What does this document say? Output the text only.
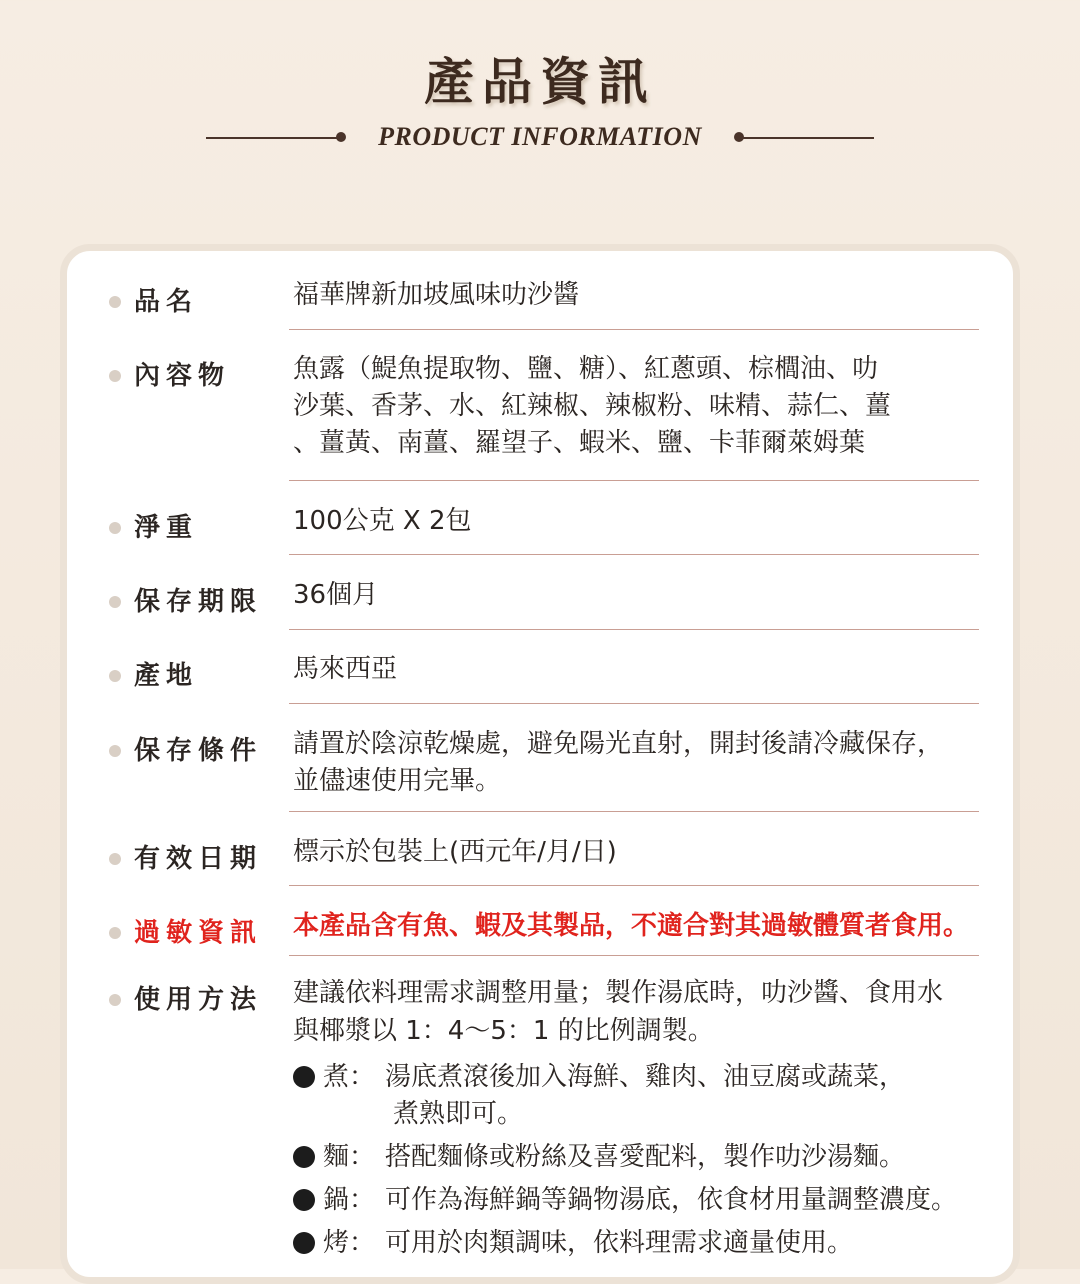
產品資訊
PRODUCT INFORMATION
品名	福華牌新加坡風味叻沙醬
內容物 魚露（鯷魚提取物、鹽、糖）、紅蔥頭、棕櫚油、叻
沙葉、香茅、水、紅辣椒、辣椒粉、味精、蒜仁、薑
、薑黃、南薑、羅望子、蝦米、鹽、卡菲爾萊姆葉
淨重	100公克 X 2包
保存期限 36個月
產地	馬來西亞
保存條件 請置於陰涼乾燥處，避免陽光直射，開封後請冷藏保存，
並儘速使用完畢。
有效日期 標示於包裝上(西元年/月/日)
過敏資訊 本產品含有魚、蝦及其製品，不適合對其過敏體質者食用。
使用方法 建議依料理需求調整用量；製作湯底時，叻沙醬、食用水
與椰漿以 1：4～5：1 的比例調製。
煮： 湯底煮滾後加入海鮮、雞肉、油豆腐或蔬菜，
煮熟即可。
麵： 搭配麵條或粉絲及喜愛配料，製作叻沙湯麵。
鍋： 可作為海鮮鍋等鍋物湯底，依食材用量調整濃度。
烤： 可用於肉類調味，依料理需求適量使用。
